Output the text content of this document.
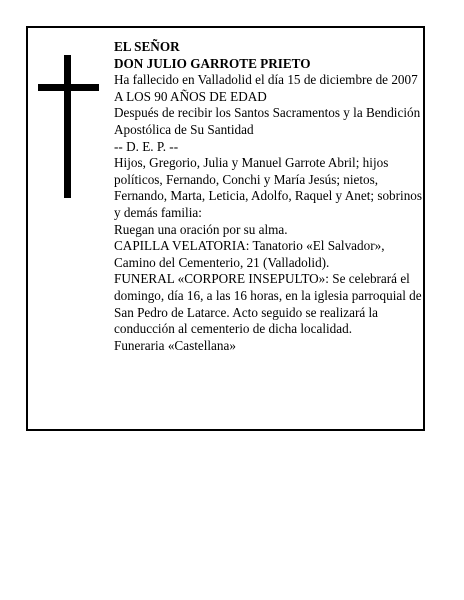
EL SEÑOR

DON JULIO GARROTE PRIETO

Ha fallecido en Valladolid el día 15 de diciembre de 2007

A LOS 90 AÑOS DE EDAD

Después de recibir los Santos Sacramentos y la Bendición Apostólica de Su Santidad

-- D. E. P. --

Hijos, Gregorio, Julia y Manuel Garrote Abril; hijos políticos, Fernando, Conchi y María Jesús; nietos, Fernando, Marta, Leticia, Adolfo, Raquel y Anet; sobrinos y demás familia:

Ruegan una oración por su alma.

CAPILLA VELATORIA: Tanatorio «El Salvador», Camino del Cementerio, 21 (Valladolid).

FUNERAL «CORPORE INSEPULTO»: Se celebrará el domingo, día 16, a las 16 horas, en la iglesia parroquial de San Pedro de Latarce. Acto seguido se realizará la conducción al cementerio de dicha localidad.

Funeraria «Castellana»
